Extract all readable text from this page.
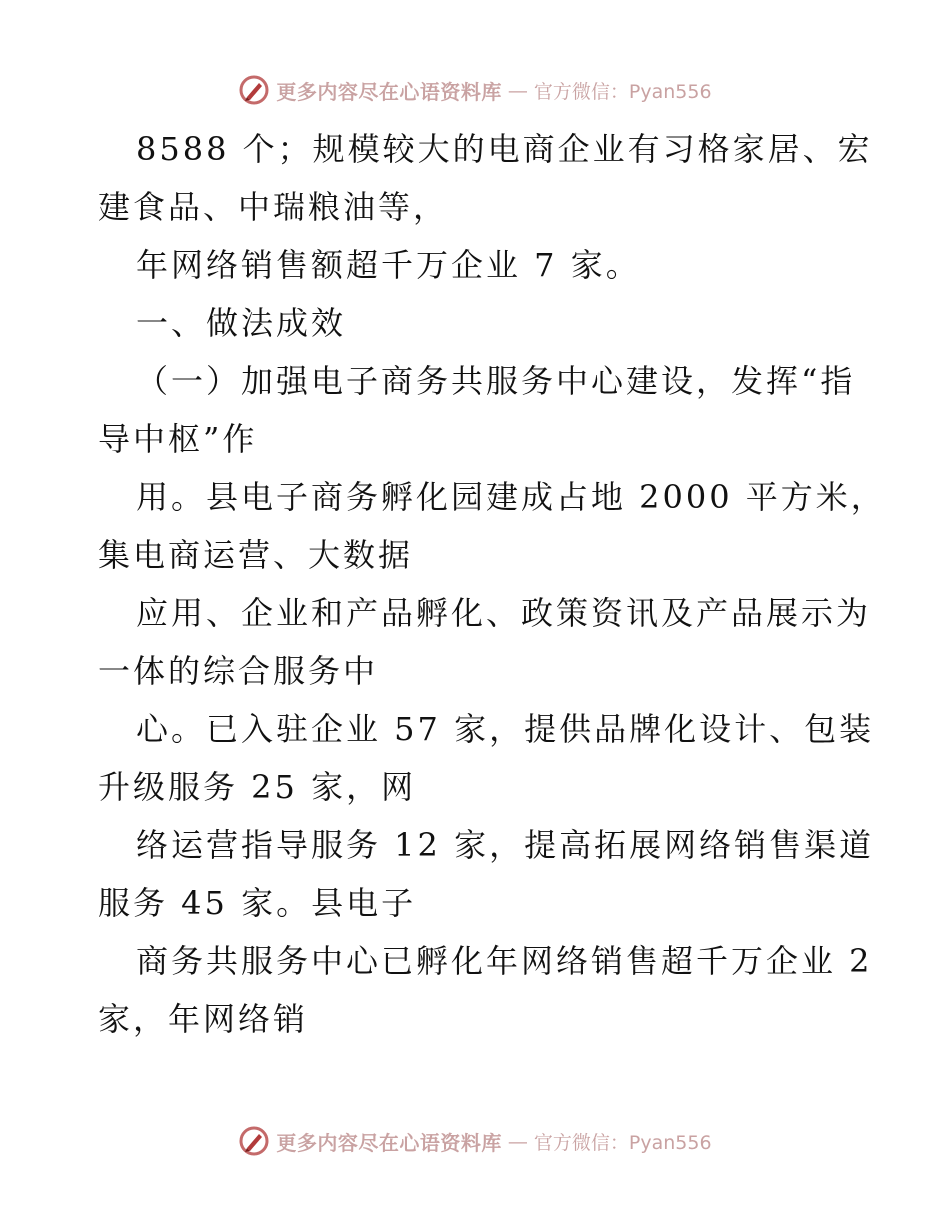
更多内容尽在心语资料库 — 官方微信：Pyan556
8588 个；规模较大的电商企业有习格家居、宏
建食品、中瑞粮油等，
年网络销售额超千万企业 7 家。
一、做法成效
（一）加强电子商务共服务中心建设，发挥“指
导中枢”作
用。县电子商务孵化园建成占地 2000 平方米，
集电商运营、大数据
应用、企业和产品孵化、政策资讯及产品展示为
一体的综合服务中
心。已入驻企业 57 家，提供品牌化设计、包装
升级服务 25 家，网
络运营指导服务 12 家，提高拓展网络销售渠道
服务 45 家。县电子
商务共服务中心已孵化年网络销售超千万企业 2
家，年网络销
更多内容尽在心语资料库 — 官方微信：Pyan556
